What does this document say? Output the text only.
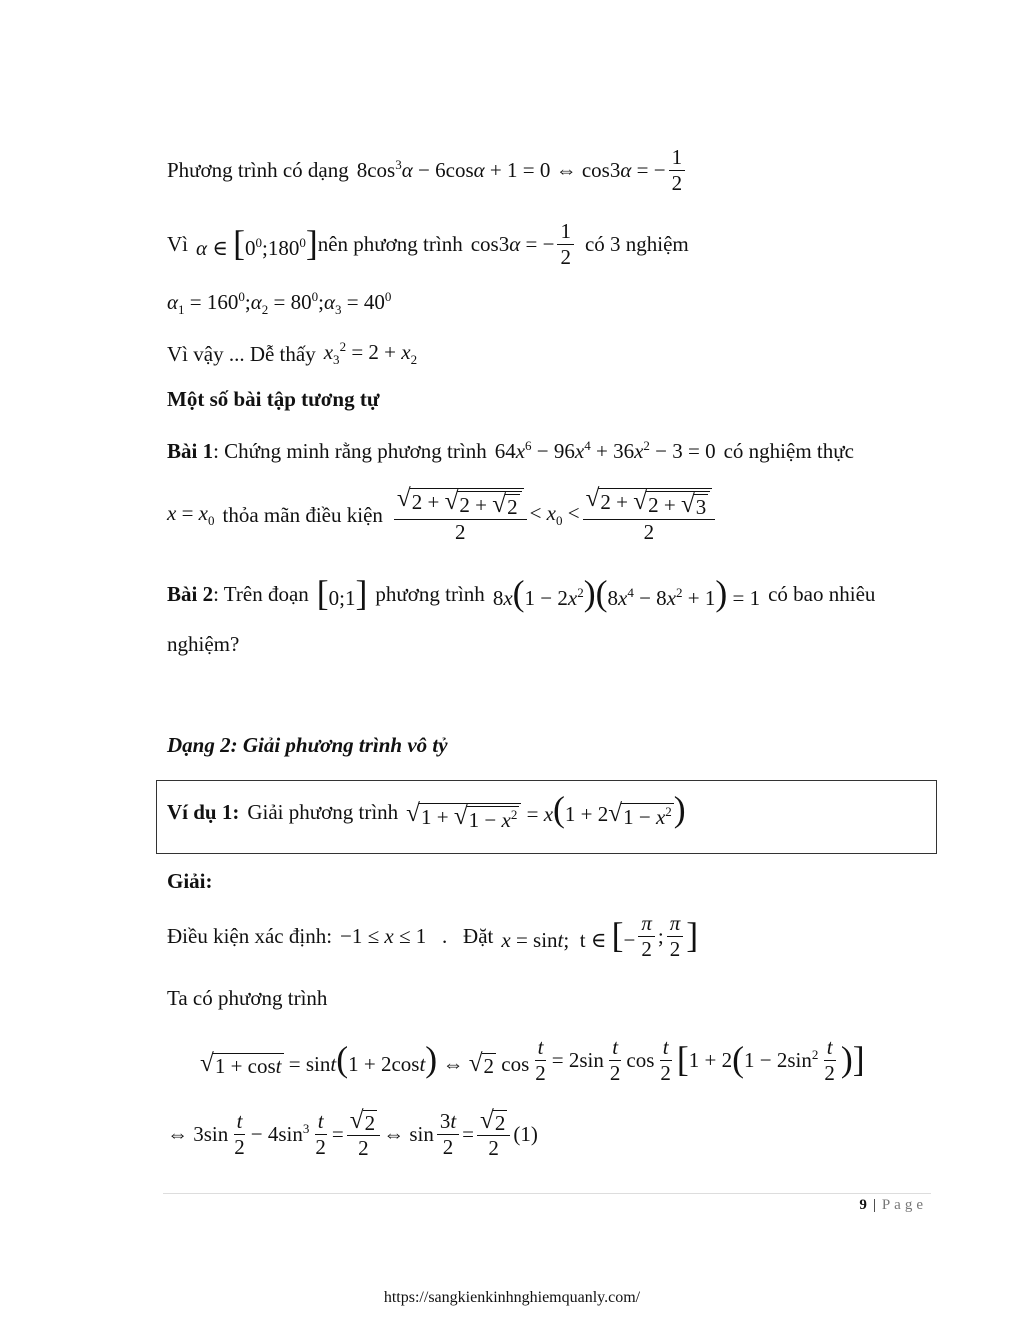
Phương trình có dạng $8\cos^3\alpha - 6\cos\alpha + 1 = 0$ ⇔ cos3α = − $\frac{1}{2}$
Vì α ∈ $[0^0;180^0]$ nên phương trình cos3α = − $\frac{1}{2}$ có 3 nghiệm
$\alpha_1$ = $160^0;\alpha_2$ = $80^0;\alpha_3 = 40^0$
Vì vậy ... Dễ thấy $x_3^2 = 2 + x_2$
Một số bài tập tương tự
Bài 1 : Chứng minh rằng phương trình $64x^6 - 96x^4 + 36x^2 - 3 = 0$ có nghiệm thực
$x = x_0$ thỏa mãn điều kiện $\frac{√ 2 + √ 2 + √ 2}{2} < x_0 < \frac{√ 2 + √ 2 + √ 3}{2}$
Bài 2 : Trên đoạn [0;1] phương trình $8x(1 - 2x^2)(8x^4 - 8x^2 + 1) = 1$ có bao nhiêu
nghiệm?
Dạng 2: Giải phương trình vô tỷ
Ví dụ 1: Giải phương trình √ 1 + √ $1 - x^2 = x(1 + 2$ √ $1 - x^2$ )
Giải:
Điều kiện xác định: −1 ≤ x ≤ 1   . Đặt x = sint;  t ∈ [− $\frac{\pi}{2}$ ; $\frac{\pi}{2}$ ]
Ta có phương trình
√ 1 + cost = sint(1 + 2cost) ⇔ √ 2 $\cos \frac{t}{2} = 2\sin \frac{t}{2}$ $\cos \frac{t}{2}$ [ 1 + 2 ( $1 - 2\sin^2 \frac{t}{2}$ )]
⇔ $3\sin \frac{t}{2} - 4\sin^3 \frac{t}{2} = \frac{√ 2}{2}$ ⇔ $\sin \frac{3t}{2} = \frac{√ 2}{2} (1)$
9 | Page
https://sangkienkinhnghiemquanly.com/
